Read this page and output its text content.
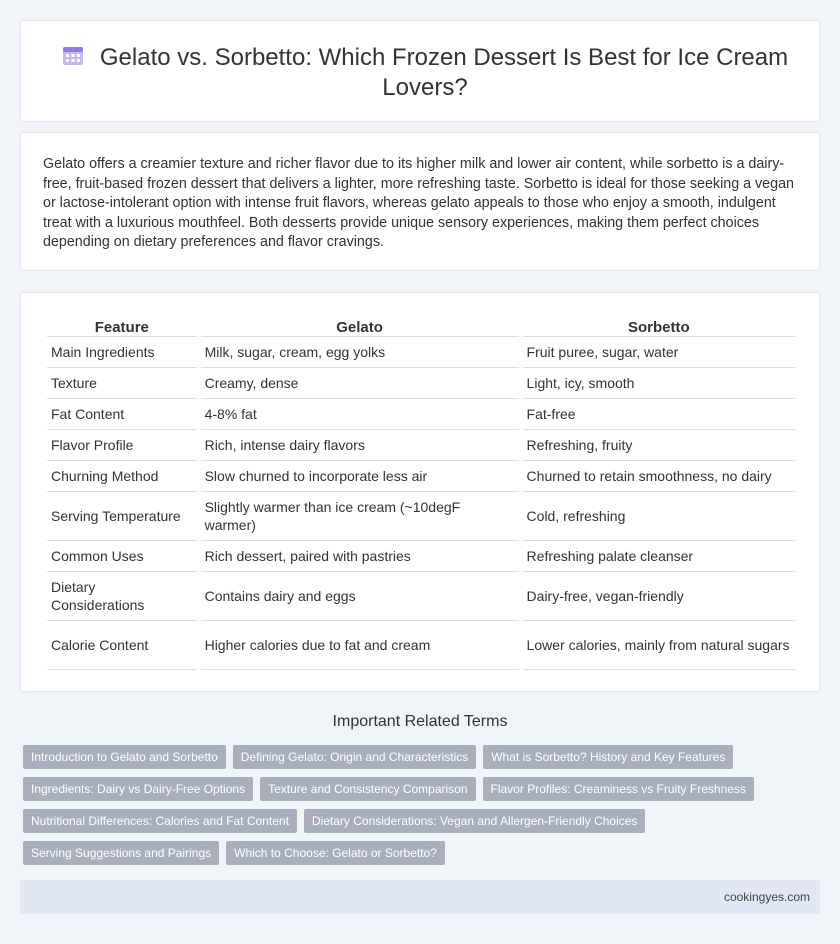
Gelato vs. Sorbetto: Which Frozen Dessert Is Best for Ice Cream Lovers?

Gelato offers a creamier texture and richer flavor due to its higher milk and lower air content, while sorbetto is a dairy-free, fruit-based frozen dessert that delivers a lighter, more refreshing taste. Sorbetto is ideal for those seeking a vegan or lactose-intolerant option with intense fruit flavors, whereas gelato appeals to those who enjoy a smooth, indulgent treat with a luxurious mouthfeel. Both desserts provide unique sensory experiences, making them perfect choices depending on dietary preferences and flavor cravings.

Feature	Gelato	Sorbetto
Main Ingredients	Milk, sugar, cream, egg yolks	Fruit puree, sugar, water
Texture	Creamy, dense	Light, icy, smooth
Fat Content	4-8% fat	Fat-free
Flavor Profile	Rich, intense dairy flavors	Refreshing, fruity
Churning Method	Slow churned to incorporate less air	Churned to retain smoothness, no dairy
Serving Temperature	Slightly warmer than ice cream (~10degF warmer)	Cold, refreshing
Common Uses	Rich dessert, paired with pastries	Refreshing palate cleanser
Dietary Considerations	Contains dairy and eggs	Dairy-free, vegan-friendly
Calorie Content	Higher calories due to fat and cream	Lower calories, mainly from natural sugars
Important Related Terms
Introduction to Gelato and Sorbetto	Defining Gelato: Origin and Characteristics	What is Sorbetto? History and Key Features
Ingredients: Dairy vs Dairy-Free Options	Texture and Consistency Comparison	Flavor Profiles: Creaminess vs Fruity Freshness
Nutritional Differences: Calories and Fat Content	Dietary Considerations: Vegan and Allergen-Friendly Choices
Serving Suggestions and Pairings	Which to Choose: Gelato or Sorbetto?
cookingyes.com
